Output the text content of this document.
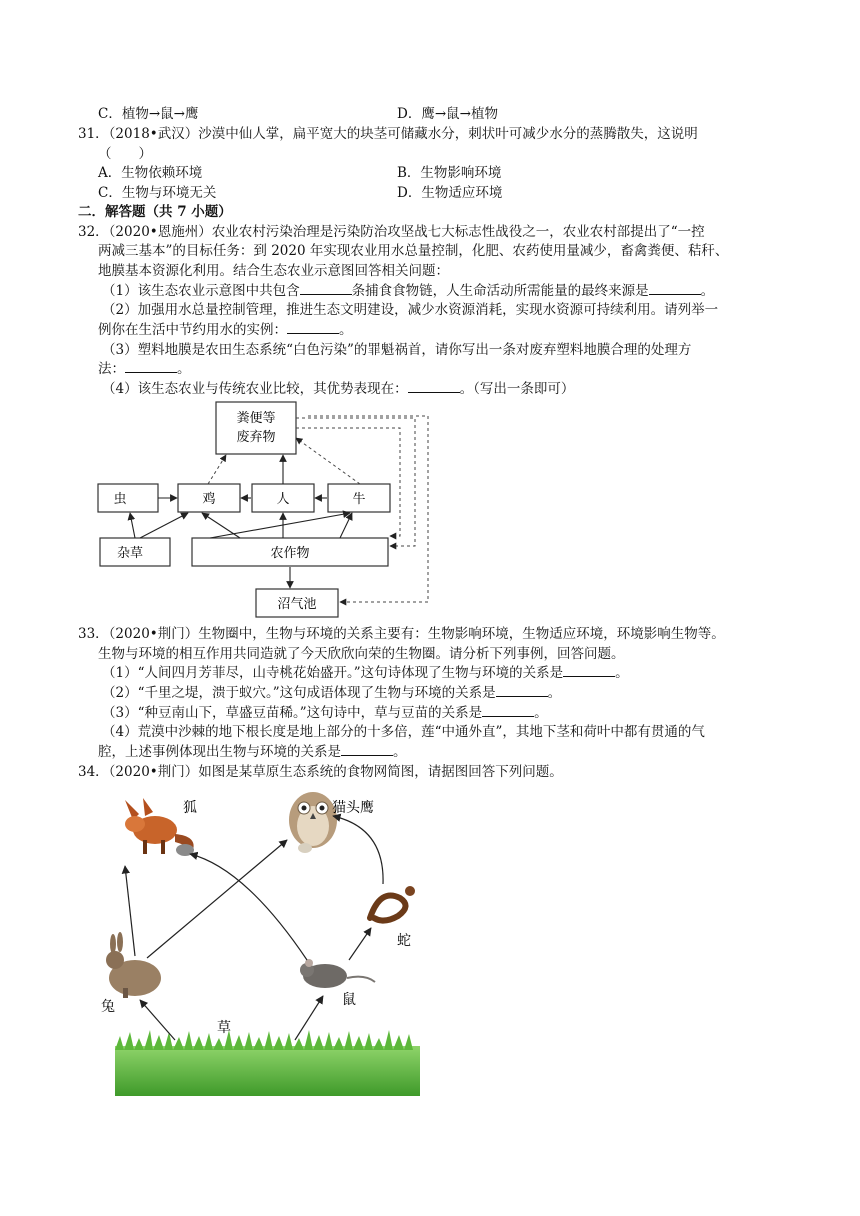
C．植物→鼠→鹰	D．鹰→鼠→植物
31．（2018•武汉）沙漠中仙人掌，扁平宽大的块茎可储藏水分，刺状叶可减少水分的蒸腾散失，这说明
（　　）
A．生物依赖环境	B．生物影响环境
C．生物与环境无关	D．生物适应环境
二．解答题（共 7 小题）
32．（2020•恩施州）农业农村污染治理是污染防治攻坚战七大标志性战役之一，农业农村部提出了“一控
两减三基本”的目标任务：到 2020 年实现农业用水总量控制，化肥、农药使用量减少，畜禽粪便、秸秆、
地膜基本资源化利用。结合生态农业示意图回答相关问题：
（1）该生态农业示意图中共包含	条捕食食物链，人生命活动所需能量的最终来源是	。
（2）加强用水总量控制管理，推进生态文明建设，减少水资源消耗，实现水资源可持续利用。请列举一
例你在生活中节约用水的实例：	。
（3）塑料地膜是农田生态系统“白色污染”的罪魁祸首，请你写出一条对废弃塑料地膜合理的处理方
法：	。
（4）该生态农业与传统农业比较，其优势表现在：	。（写出一条即可）
粪便等
废弃物
虫	鸡	人	牛
杂草	农作物
沼气池
33．（2020•荆门）生物圈中，生物与环境的关系主要有：生物影响环境，生物适应环境，环境影响生物等。
生物与环境的相互作用共同造就了今天欣欣向荣的生物圈。请分析下列事例，回答问题。
（1）“人间四月芳菲尽，山寺桃花始盛开。”这句诗体现了生物与环境的关系是	。
（2）“千里之堤，溃于蚁穴。”这句成语体现了生物与环境的关系是	。
（3）“种豆南山下，草盛豆苗稀。”这句诗中，草与豆苗的关系是	。
（4）荒漠中沙棘的地下根长度是地上部分的十多倍，莲“中通外直”，其地下茎和荷叶中都有贯通的气
腔，上述事例体现出生物与环境的关系是	。
34．（2020•荆门）如图是某草原生态系统的食物网简图，请据图回答下列问题。
狐	猫头鹰
蛇
兔	鼠
草
